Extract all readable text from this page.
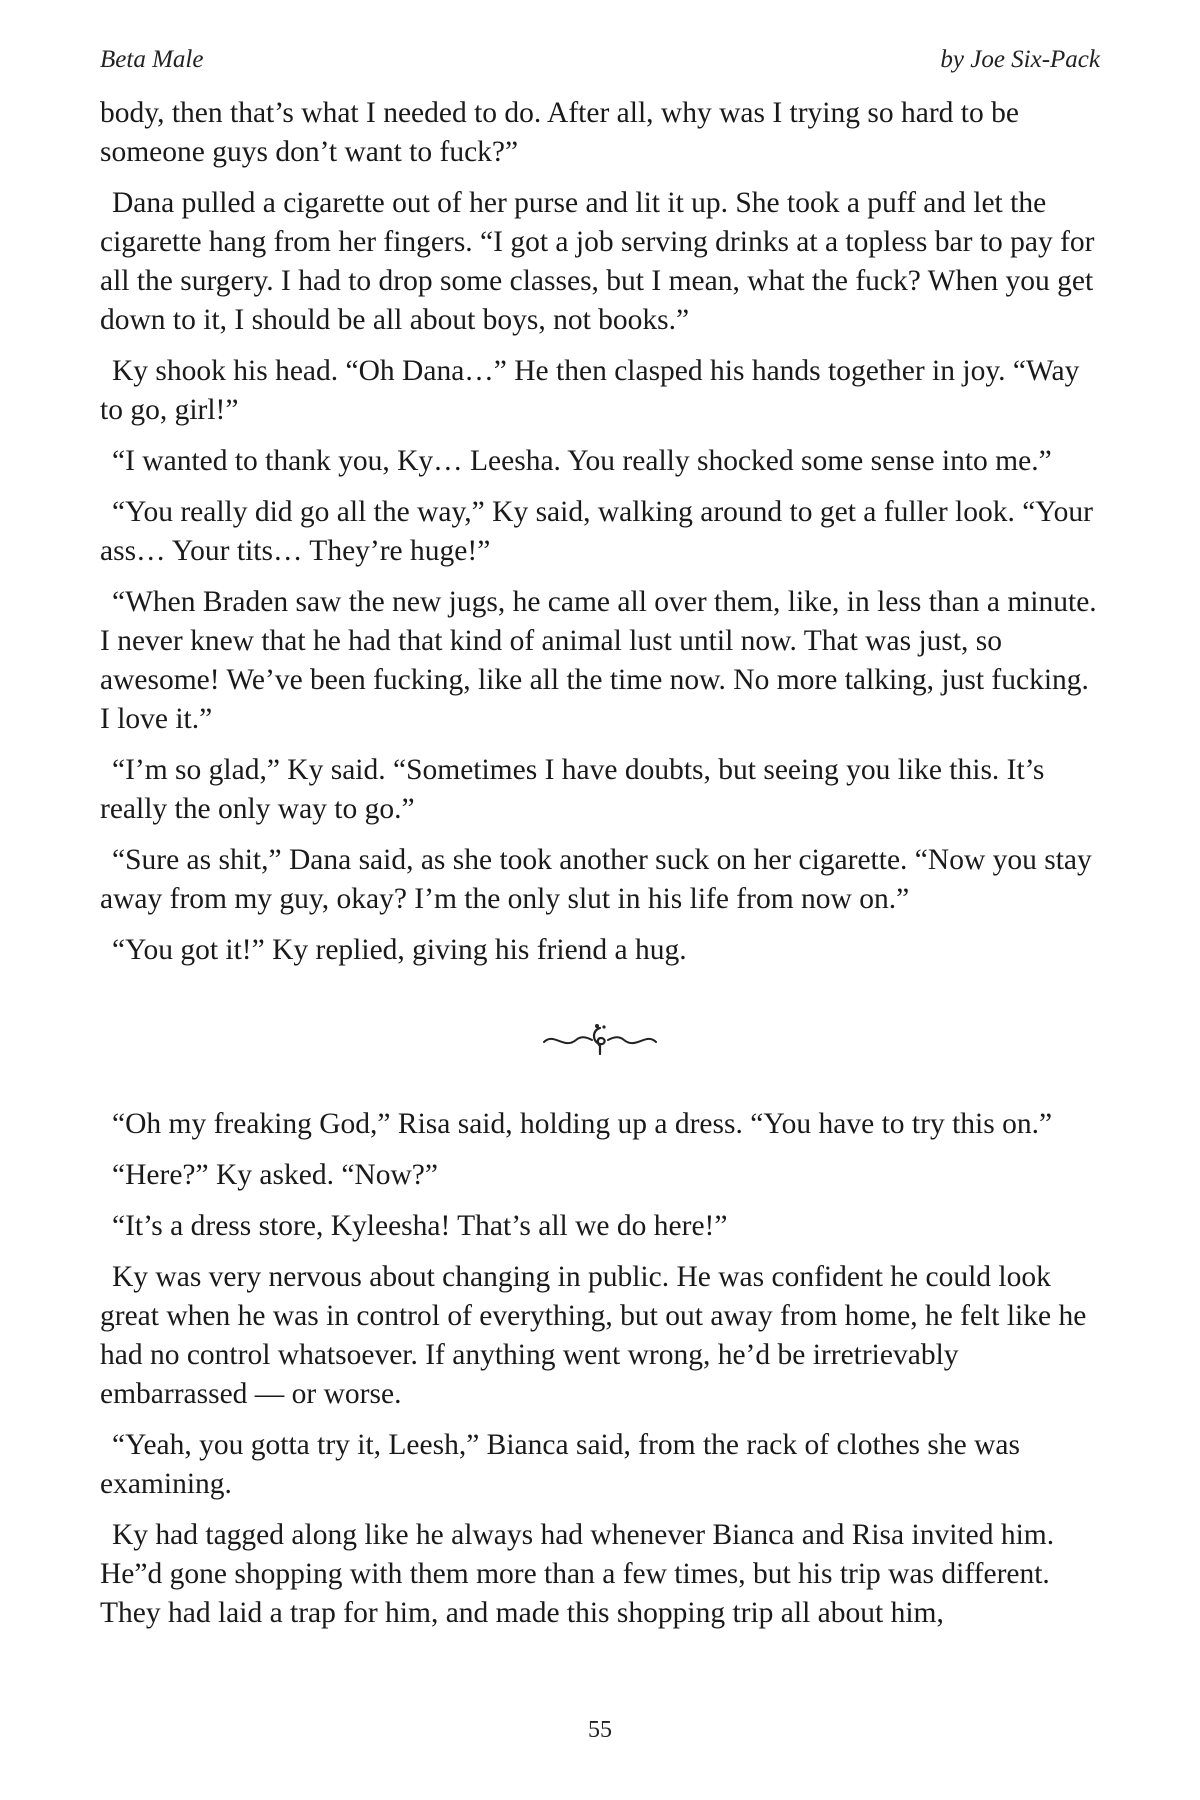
Beta Male	by Joe Six-Pack

body, then that’s what I needed to do. After all, why was I trying so hard to be someone guys don’t want to fuck?”

Dana pulled a cigarette out of her purse and lit it up. She took a puff and let the cigarette hang from her fingers. “I got a job serving drinks at a topless bar to pay for all the surgery. I had to drop some classes, but I mean, what the fuck? When you get down to it, I should be all about boys, not books.”

Ky shook his head. “Oh Dana…” He then clasped his hands together in joy. “Way to go, girl!”

“I wanted to thank you, Ky… Leesha. You really shocked some sense into me.”

“You really did go all the way,” Ky said, walking around to get a fuller look. “Your ass… Your tits… They’re huge!”

“When Braden saw the new jugs, he came all over them, like, in less than a minute. I never knew that he had that kind of animal lust until now. That was just, so awesome! We’ve been fucking, like all the time now. No more talking, just fucking. I love it.”

“I’m so glad,” Ky said. “Sometimes I have doubts, but seeing you like this. It’s really the only way to go.”

“Sure as shit,” Dana said, as she took another suck on her cigarette. “Now you stay away from my guy, okay? I’m the only slut in his life from now on.”

“You got it!” Ky replied, giving his friend a hug.

“Oh my freaking God,” Risa said, holding up a dress. “You have to try this on.”

“Here?” Ky asked. “Now?”

“It’s a dress store, Kyleesha! That’s all we do here!”

Ky was very nervous about changing in public. He was confident he could look great when he was in control of everything, but out away from home, he felt like he had no control whatsoever. If anything went wrong, he’d be irretrievably embarrassed — or worse.

“Yeah, you gotta try it, Leesh,” Bianca said, from the rack of clothes she was examining.

Ky had tagged along like he always had whenever Bianca and Risa invited him. He”d gone shopping with them more than a few times, but his trip was different. They had laid a trap for him, and made this shopping trip all about him,

55
